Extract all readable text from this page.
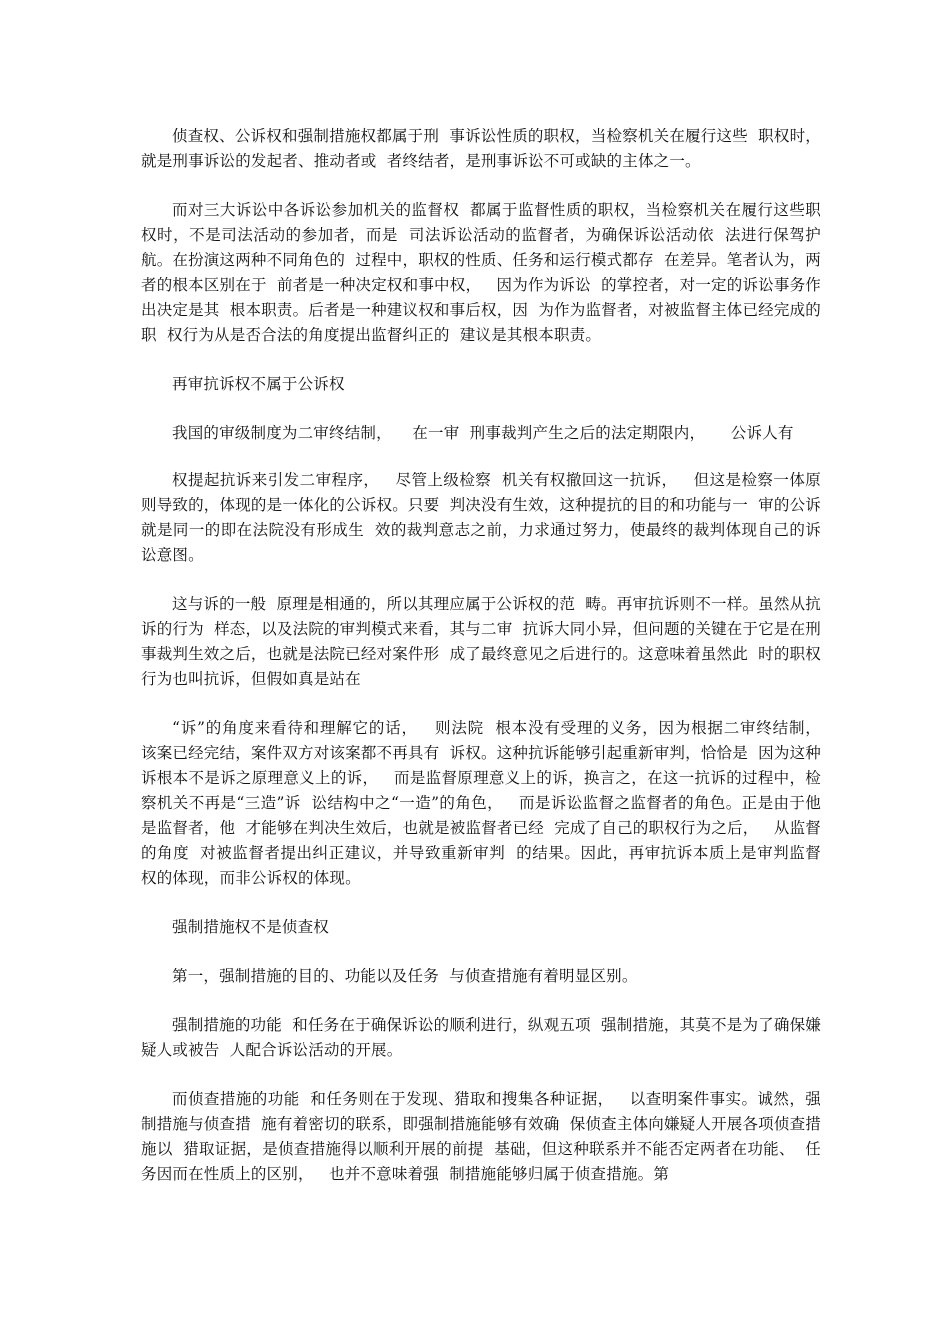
侦查权、公诉权和强制措施权都属于刑  事诉讼性质的职权，当检察机关在履行这些  职权时，就是刑事诉讼的发起者、推动者或  者终结者，是刑事诉讼不可或缺的主体之一。

而对三大诉讼中各诉讼参加机关的监督权  都属于监督性质的职权，当检察机关在履行这些职权时，不是司法活动的参加者，而是  司法诉讼活动的监督者，为确保诉讼活动依  法进行保驾护航。在扮演这两种不同角色的  过程中，职权的性质、任务和运行模式都存  在差异。笔者认为，两者的根本区别在于  前者是一种决定权和事中权，   因为作为诉讼  的掌控者，对一定的诉讼事务作出决定是其  根本职责。后者是一种建议权和事后权，因  为作为监督者，对被监督主体已经完成的职  权行为从是否合法的角度提出监督纠正的  建议是其根本职责。

再审抗诉权不属于公诉权

我国的审级制度为二审终结制，    在一审  刑事裁判产生之后的法定期限内，     公诉人有

权提起抗诉来引发二审程序，   尽管上级检察  机关有权撤回这一抗诉，   但这是检察一体原  则导致的，体现的是一体化的公诉权。只要  判决没有生效，这种提抗的目的和功能与一  审的公诉就是同一的即在法院没有形成生  效的裁判意志之前，力求通过努力，使最终的裁判体现自己的诉讼意图。

这与诉的一般  原理是相通的，所以其理应属于公诉权的范  畴。再审抗诉则不一样。虽然从抗诉的行为  样态，以及法院的审判模式来看，其与二审  抗诉大同小异，但问题的关键在于它是在刑  事裁判生效之后，也就是法院已经对案件形  成了最终意见之后进行的。这意味着虽然此  时的职权行为也叫抗诉，但假如真是站在

“诉”的角度来看待和理解它的话，   则法院  根本没有受理的义务，因为根据二审终结制，   该案已经完结，案件双方对该案都不再具有  诉权。这种抗诉能够引起重新审判，恰恰是  因为这种诉根本不是诉之原理意义上的诉，   而是监督原理意义上的诉，换言之，在这一抗诉的过程中，检察机关不再是“三造”诉  讼结构中之“一造”的角色，   而是诉讼监督之监督者的角色。正是由于他是监督者，他  才能够在判决生效后，也就是被监督者已经  完成了自己的职权行为之后，   从监督的角度  对被监督者提出纠正建议，并导致重新审判  的结果。因此，再审抗诉本质上是审判监督  权的体现，而非公诉权的体现。

强制措施权不是侦查权

第一，强制措施的目的、功能以及任务  与侦查措施有着明显区别。

强制措施的功能  和任务在于确保诉讼的顺利进行，纵观五项  强制措施，其莫不是为了确保嫌疑人或被告  人配合诉讼活动的开展。

而侦查措施的功能  和任务则在于发现、猎取和搜集各种证据，   以查明案件事实。诚然，强制措施与侦查措  施有着密切的联系，即强制措施能够有效确  保侦查主体向嫌疑人开展各项侦查措施以  猎取证据，是侦查措施得以顺利开展的前提  基础，但这种联系并不能否定两者在功能、  任务因而在性质上的区别，   也并不意味着强  制措施能够归属于侦查措施。第
